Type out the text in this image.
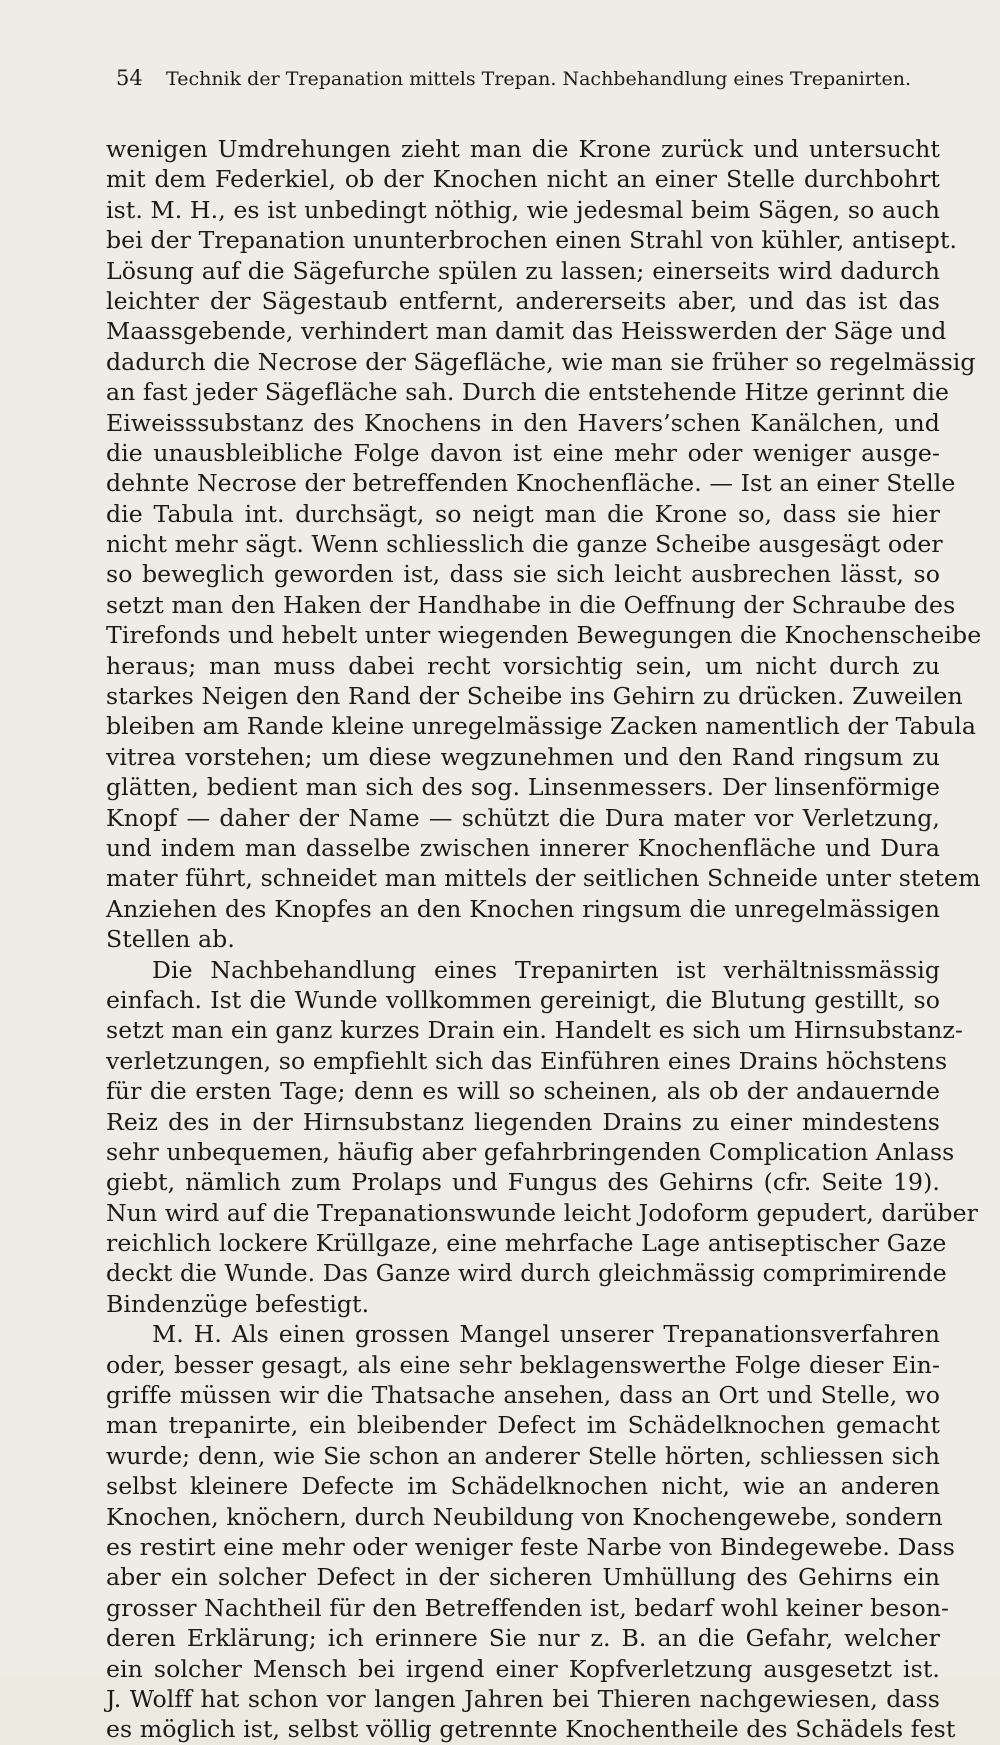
54 Technik der Trepanation mittels Trepan. Nachbehandlung eines Trepanirten.
wenigen Umdrehungen zieht man die Krone zurück und untersucht
mit dem Federkiel, ob der Knochen nicht an einer Stelle durchbohrt
ist. M. H., es ist unbedingt nöthig, wie jedesmal beim Sägen, so auch
bei der Trepanation ununterbrochen einen Strahl von kühler, antisept.
Lösung auf die Sägefurche spülen zu lassen; einerseits wird dadurch
leichter der Sägestaub entfernt, andererseits aber, und das ist das
Maassgebende, verhindert man damit das Heisswerden der Säge und
dadurch die Necrose der Sägefläche, wie man sie früher so regelmässig
an fast jeder Sägefläche sah. Durch die entstehende Hitze gerinnt die
Eiweisssubstanz des Knochens in den Havers’schen Kanälchen, und
die unausbleibliche Folge davon ist eine mehr oder weniger ausge-
dehnte Necrose der betreffenden Knochenfläche. — Ist an einer Stelle
die Tabula int. durchsägt, so neigt man die Krone so, dass sie hier
nicht mehr sägt. Wenn schliesslich die ganze Scheibe ausgesägt oder
so beweglich geworden ist, dass sie sich leicht ausbrechen lässt, so
setzt man den Haken der Handhabe in die Oeffnung der Schraube des
Tirefonds und hebelt unter wiegenden Bewegungen die Knochenscheibe
heraus; man muss dabei recht vorsichtig sein, um nicht durch zu
starkes Neigen den Rand der Scheibe ins Gehirn zu drücken. Zuweilen
bleiben am Rande kleine unregelmässige Zacken namentlich der Tabula
vitrea vorstehen; um diese wegzunehmen und den Rand ringsum zu
glätten, bedient man sich des sog. Linsenmessers. Der linsenförmige
Knopf — daher der Name — schützt die Dura mater vor Verletzung,
und indem man dasselbe zwischen innerer Knochenfläche und Dura
mater führt, schneidet man mittels der seitlichen Schneide unter stetem
Anziehen des Knopfes an den Knochen ringsum die unregelmässigen
Stellen ab.
Die Nachbehandlung eines Trepanirten ist verhältnissmässig
einfach. Ist die Wunde vollkommen gereinigt, die Blutung gestillt, so
setzt man ein ganz kurzes Drain ein. Handelt es sich um Hirnsubstanz-
verletzungen, so empfiehlt sich das Einführen eines Drains höchstens
für die ersten Tage; denn es will so scheinen, als ob der andauernde
Reiz des in der Hirnsubstanz liegenden Drains zu einer mindestens
sehr unbequemen, häufig aber gefahrbringenden Complication Anlass
giebt, nämlich zum Prolaps und Fungus des Gehirns (cfr. Seite 19).
Nun wird auf die Trepanationswunde leicht Jodoform gepudert, darüber
reichlich lockere Krüllgaze, eine mehrfache Lage antiseptischer Gaze
deckt die Wunde. Das Ganze wird durch gleichmässig comprimirende
Bindenzüge befestigt.
M. H. Als einen grossen Mangel unserer Trepanationsverfahren
oder, besser gesagt, als eine sehr beklagenswerthe Folge dieser Ein-
griffe müssen wir die Thatsache ansehen, dass an Ort und Stelle, wo
man trepanirte, ein bleibender Defect im Schädelknochen gemacht
wurde; denn, wie Sie schon an anderer Stelle hörten, schliessen sich
selbst kleinere Defecte im Schädelknochen nicht, wie an anderen
Knochen, knöchern, durch Neubildung von Knochengewebe, sondern
es restirt eine mehr oder weniger feste Narbe von Bindegewebe. Dass
aber ein solcher Defect in der sicheren Umhüllung des Gehirns ein
grosser Nachtheil für den Betreffenden ist, bedarf wohl keiner beson-
deren Erklärung; ich erinnere Sie nur z. B. an die Gefahr, welcher
ein solcher Mensch bei irgend einer Kopfverletzung ausgesetzt ist.
J. Wolff hat schon vor langen Jahren bei Thieren nachgewiesen, dass
es möglich ist, selbst völlig getrennte Knochentheile des Schädels fest
